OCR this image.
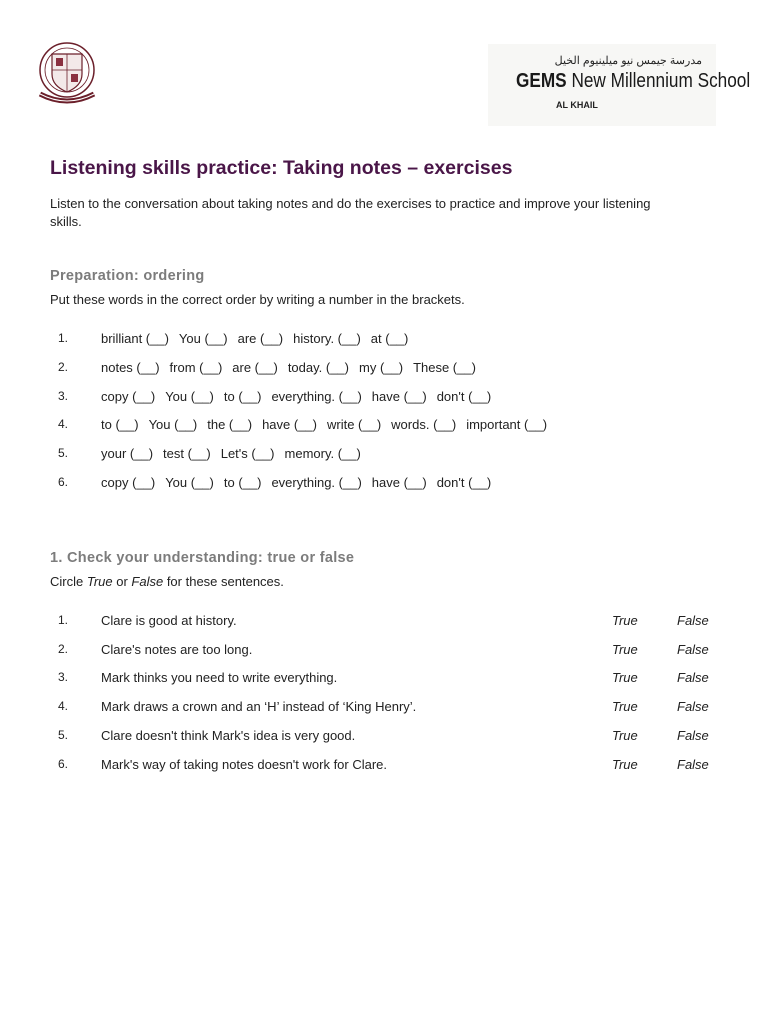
مدرسة جيمس نيو ميلينيوم الخيل
GEMS New Millennium School
AL KHAIL
Listening skills practice: Taking notes – exercises

Listen to the conversation about taking notes and do the exercises to practice and improve your listening skills.

Preparation: ordering

Put these words in the correct order by writing a number in the brackets.

1.	brilliant (__) You (__) are (__) history. (__) at (__)
2.	notes (__) from (__) are (__) today. (__) my (__) These (__)
3.	copy (__) You (__) to (__) everything. (__) have (__) don't (__)
4.	to (__) You (__) the (__) have (__) write (__) words. (__) important (__)
5.	your (__) test (__) Let's (__) memory. (__)
6.	copy (__) You (__) to (__) everything. (__) have (__) don't (__)
1. Check your understanding: true or false

Circle True or False for these sentences.

1.	Clare is good at history.	True	False
2.	Clare's notes are too long.	True	False
3.	Mark thinks you need to write everything.	True	False
4.	Mark draws a crown and an ‘H’ instead of ‘King Henry’.	True	False
5.	Clare doesn't think Mark's idea is very good.	True	False
6.	Mark's way of taking notes doesn't work for Clare.	True	False
